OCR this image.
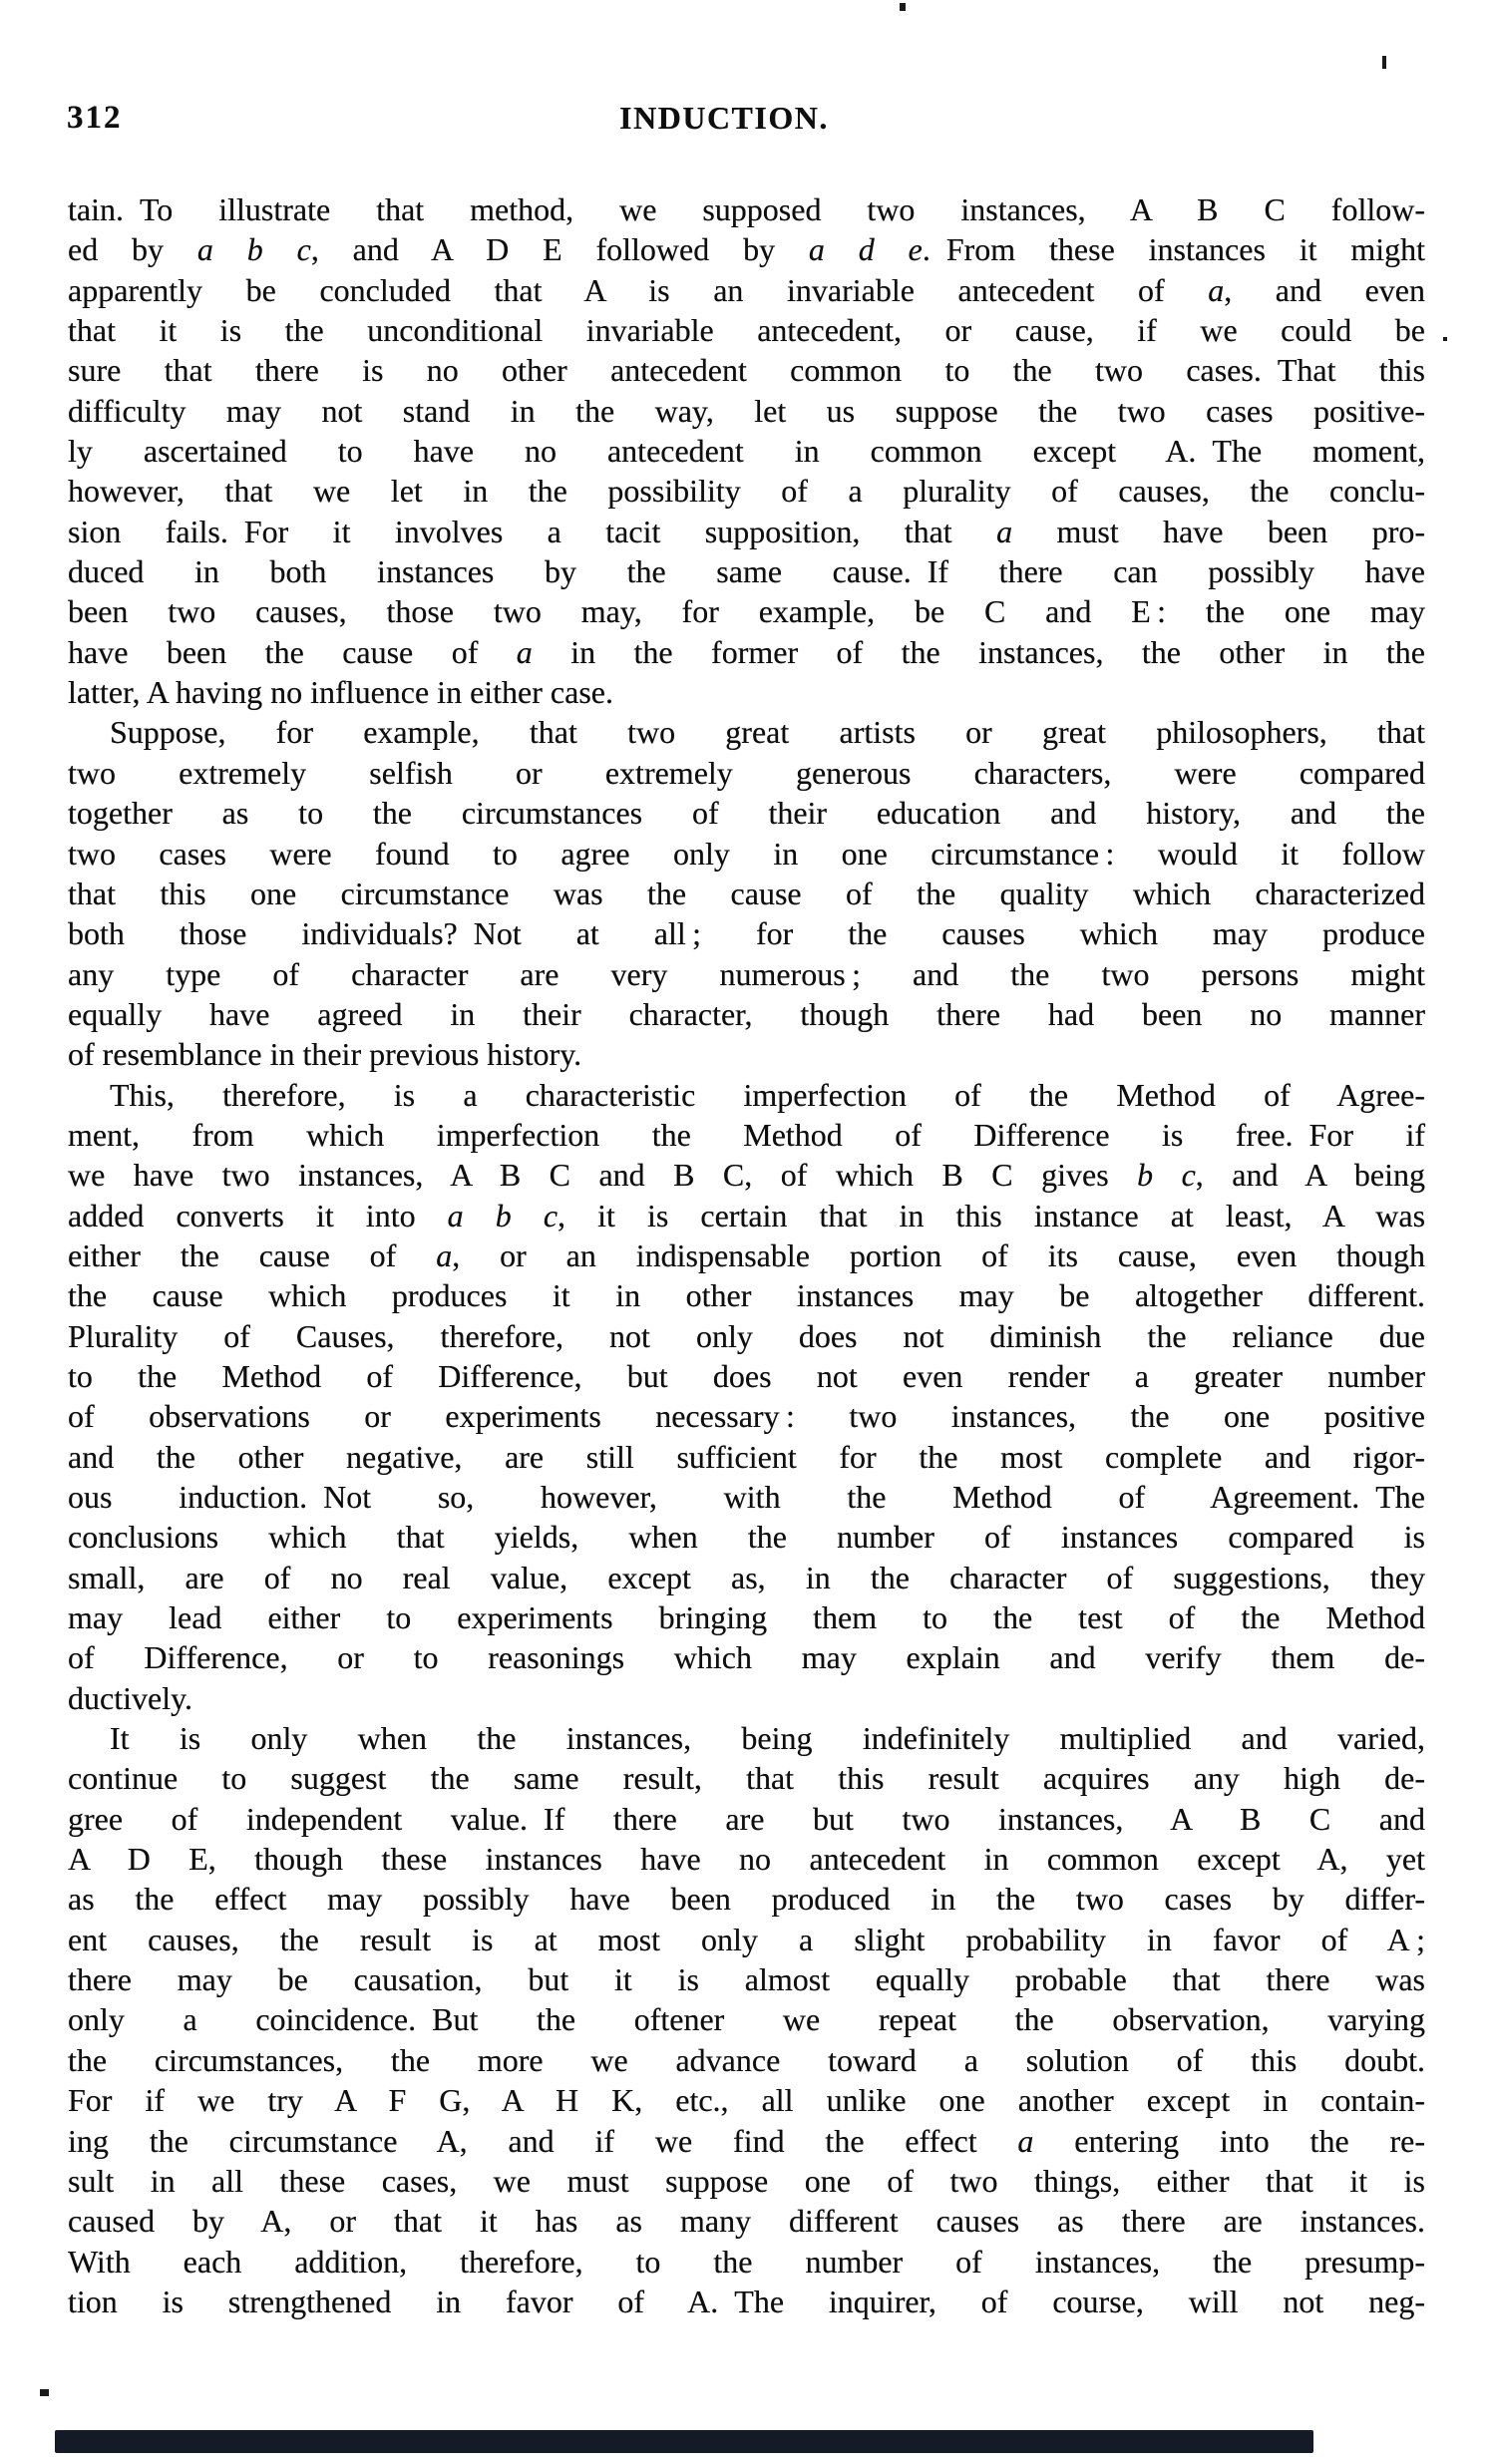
312	INDUCTION.
tain. To illustrate that method, we supposed two instances, A B C follow-
ed by a b c, and A D E followed by a d e. From these instances it might
apparently be concluded that A is an invariable antecedent of a, and even
that it is the unconditional invariable antecedent, or cause, if we could be
sure that there is no other antecedent common to the two cases. That this
difficulty may not stand in the way, let us suppose the two cases positive-
ly ascertained to have no antecedent in common except A. The moment,
however, that we let in the possibility of a plurality of causes, the conclu-
sion fails. For it involves a tacit supposition, that a must have been pro-
duced in both instances by the same cause. If there can possibly have
been two causes, those two may, for example, be C and E : the one may
have been the cause of a in the former of the instances, the other in the
latter, A having no influence in either case.
Suppose, for example, that two great artists or great philosophers, that
two extremely selfish or extremely generous characters, were compared
together as to the circumstances of their education and history, and the
two cases were found to agree only in one circumstance : would it follow
that this one circumstance was the cause of the quality which characterized
both those individuals? Not at all ; for the causes which may produce
any type of character are very numerous ; and the two persons might
equally have agreed in their character, though there had been no manner
of resemblance in their previous history.
This, therefore, is a characteristic imperfection of the Method of Agree-
ment, from which imperfection the Method of Difference is free. For if
we have two instances, A B C and B C, of which B C gives b c, and A being
added converts it into a b c, it is certain that in this instance at least, A was
either the cause of a, or an indispensable portion of its cause, even though
the cause which produces it in other instances may be altogether different.
Plurality of Causes, therefore, not only does not diminish the reliance due
to the Method of Difference, but does not even render a greater number
of observations or experiments necessary : two instances, the one positive
and the other negative, are still sufficient for the most complete and rigor-
ous induction. Not so, however, with the Method of Agreement. The
conclusions which that yields, when the number of instances compared is
small, are of no real value, except as, in the character of suggestions, they
may lead either to experiments bringing them to the test of the Method
of Difference, or to reasonings which may explain and verify them de-
ductively.
It is only when the instances, being indefinitely multiplied and varied,
continue to suggest the same result, that this result acquires any high de-
gree of independent value. If there are but two instances, A B C and
A D E, though these instances have no antecedent in common except A, yet
as the effect may possibly have been produced in the two cases by differ-
ent causes, the result is at most only a slight probability in favor of A ;
there may be causation, but it is almost equally probable that there was
only a coincidence. But the oftener we repeat the observation, varying
the circumstances, the more we advance toward a solution of this doubt.
For if we try A F G, A H K, etc., all unlike one another except in contain-
ing the circumstance A, and if we find the effect a entering into the re-
sult in all these cases, we must suppose one of two things, either that it is
caused by A, or that it has as many different causes as there are instances.
With each addition, therefore, to the number of instances, the presump-
tion is strengthened in favor of A. The inquirer, of course, will not neg-
